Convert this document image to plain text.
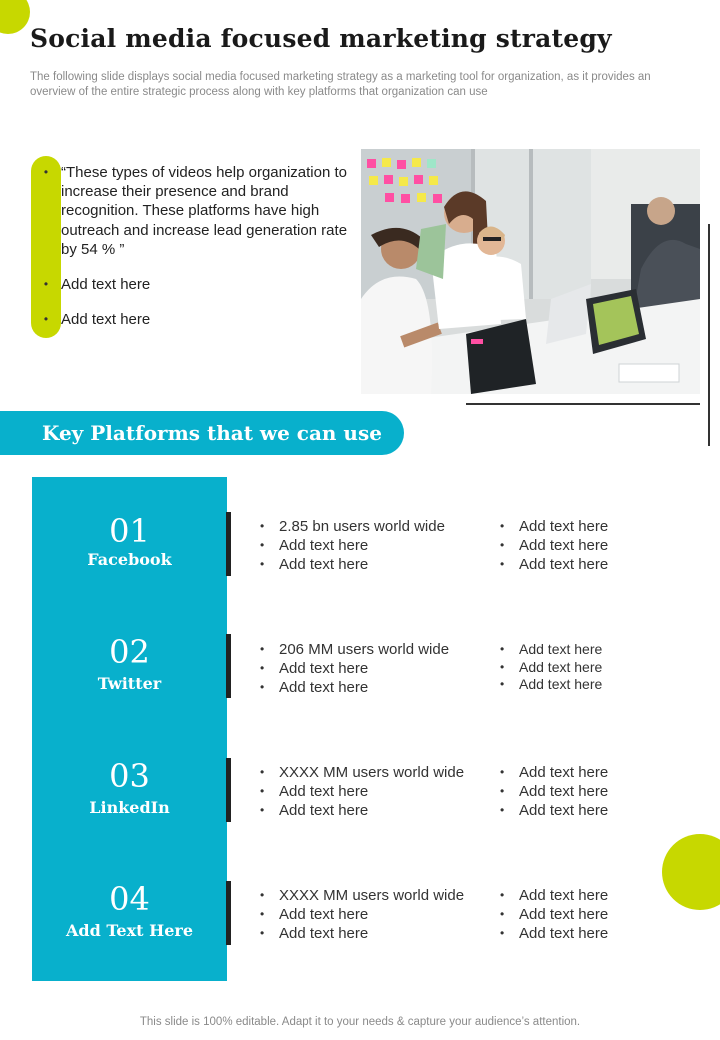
Social media focused marketing strategy

The following slide displays social media focused marketing strategy as a marketing tool for organization, as it provides an overview of the entire strategic process along with key platforms that organization can use

• “These types of videos help organization to increase their presence and brand recognition. These platforms have high outreach and increase lead generation rate by 54 % ”
• Add text here
• Add text here
Key Platforms that we can use
01
Facebook
• 2.85 bn users world wide
• Add text here
• Add text here
• Add text here
• Add text here
• Add text here
02
Twitter
• 206 MM users world wide
• Add text here
• Add text here
• Add text here
• Add text here
• Add text here
03
LinkedIn
• XXXX MM users world wide
• Add text here
• Add text here
• Add text here
• Add text here
• Add text here
04
Add Text Here
• XXXX MM users world wide
• Add text here
• Add text here
• Add text here
• Add text here
• Add text here

This slide is 100% editable. Adapt it to your needs & capture your audience’s attention.
